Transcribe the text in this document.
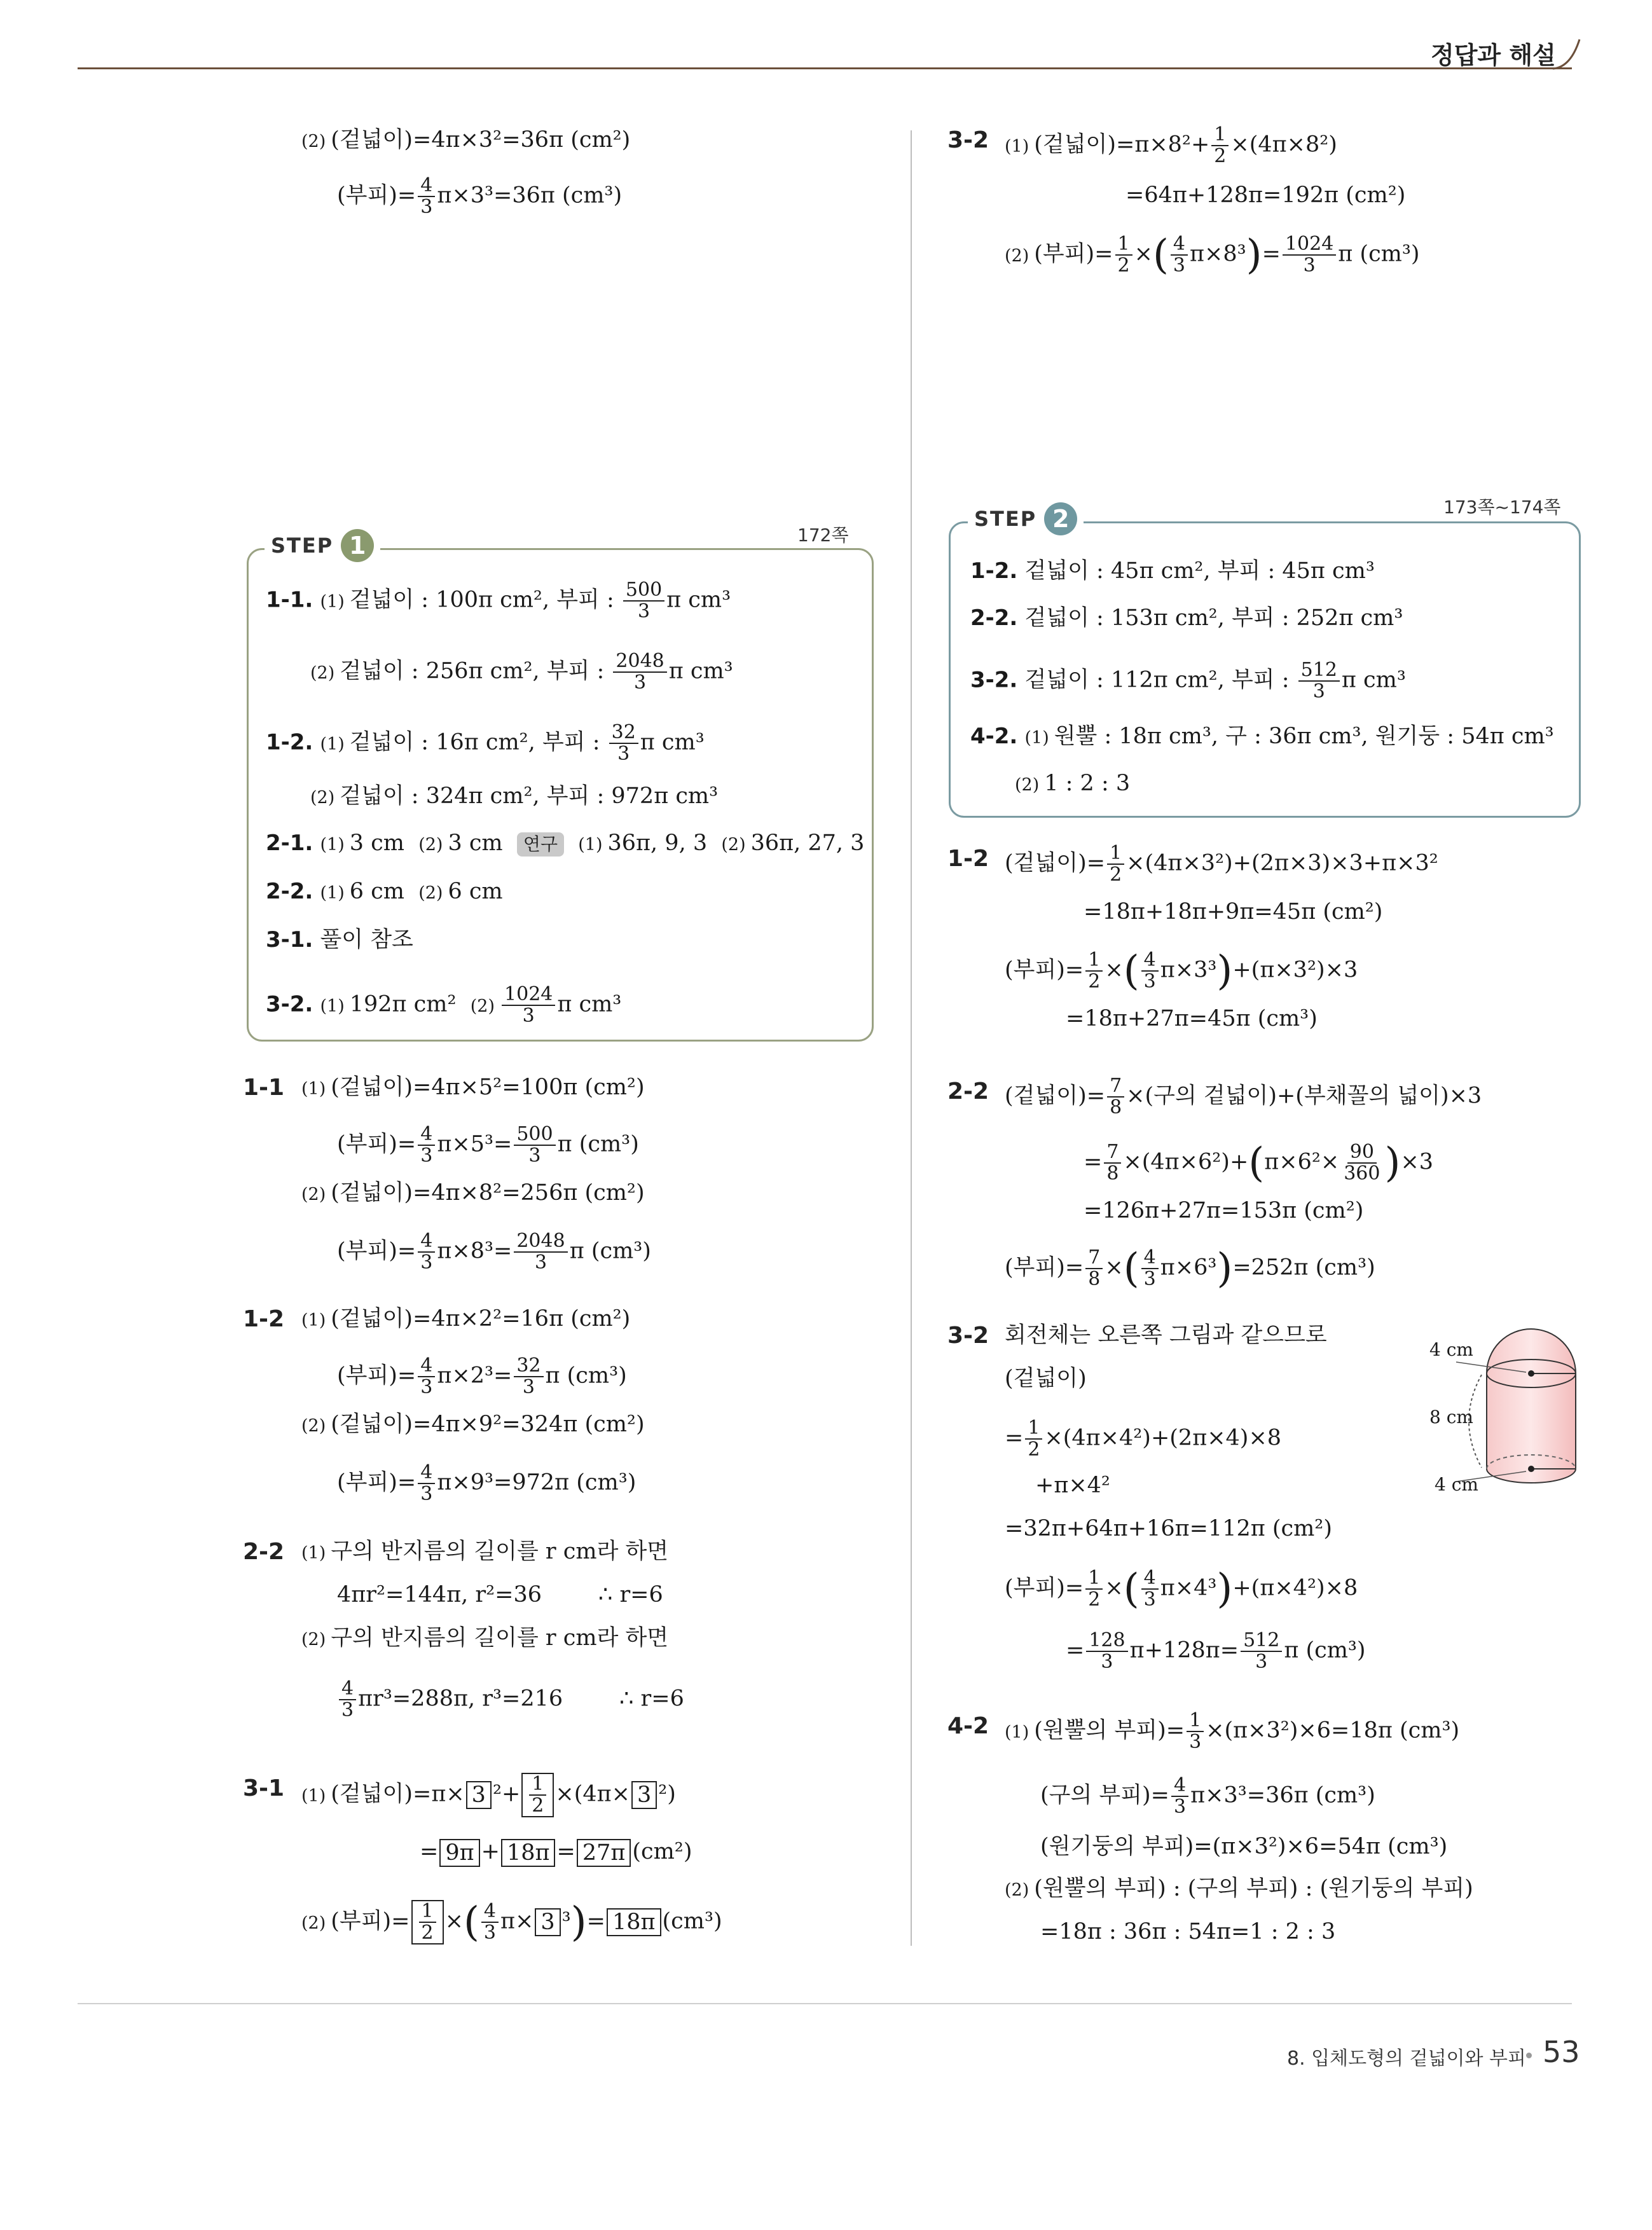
정답과 해설
(2) (겉넓이)=4π×3²=36π (cm²)
(부피)= $\frac{4}{3} \pi\times 3^3=36\pi$ (cm³)
3-2 (1) (겉넓이)$=\pi\times 8^2+ \frac{1}{2} \times(4\pi\times 8^2)$
=64π+128π=192π (cm²)
(2) (부피)= $\frac{1}{2}$ ×( $\frac{4}{3} \pi\times 8^3)= \frac{1024}{3}$ π (cm³)
STEP 1	172쪽
1-1. (1) 겉넓이 : 100π cm², 부피 : $\frac{500}{3}$ π cm³
(2) 겉넓이 : 256π cm², 부피 : $\frac{2048}{3}$ π cm³
1-2. (1) 겉넓이 : 16π cm², 부피 : $\frac{32}{3}$ π cm³
(2) 겉넓이 : 324π cm², 부피 : 972π cm³
2-1. (1) 3 cm (2) 3 cm 연구 (1) 36π, 9, 3 (2) 36π, 27, 3
2-2. (1) 6 cm (2) 6 cm
3-1. 풀이 참조
3-2. (1) 192π cm² $(2) \frac{1024}{3}$ π cm³
STEP 2	173쪽~174쪽
1-2. 겉넓이 : 45π cm², 부피 : 45π cm³
2-2. 겉넓이 : 153π cm², 부피 : 252π cm³
3-2. 겉넓이 : 112π cm², 부피 : $\frac{512}{3}$ π cm³
4-2. (1) 원뿔 : 18π cm³, 구 : 36π cm³, 원기둥 : 54π cm³
(2) 1 : 2 : 3
1-1 (1) (겉넓이)=4π×5²=100π (cm²)
(부피)= $\frac{4}{3} \pi\times 5^3= \frac{500}{3}$ π (cm³)
(2) (겉넓이)=4π×8²=256π (cm²)
(부피)= $\frac{4}{3} \pi\times 8^3= \frac{2048}{3}$ π (cm³)
1-2 (1) (겉넓이)=4π×2²=16π (cm²)
(부피)= $\frac{4}{3} \pi\times 2^3= \frac{32}{3}$ π (cm³)
(2) (겉넓이)=4π×9²=324π (cm²)
(부피)= $\frac{4}{3} \pi\times 9^3=972\pi$ (cm³)
2-2 (1) 구의 반지름의 길이를 r cm라 하면
4πr²=144π, r²=36        ∴ r=6
(2) 구의 반지름의 길이를 r cm라 하면
$\frac{4}{3} \pi r^3=288\pi$, r³=216        ∴ r=6
3-1 (1) (겉넓이)=π× 3 $^2+ \frac{1}{2} \times(4\pi\times 3$ ²)
= 9π + 18π = 27π (cm²)
(2) (부피)= $\frac{1}{2}$ ×( $\frac{4}{3} \pi\times 3$ ³)= 18π (cm³)
1-2 (겉넓이)= $\frac{1}{2} \times(4\pi\times 3^2)+(2\pi\times 3)\times 3+\pi\times 3^2$
=18π+18π+9π=45π (cm²)
(부피)= $\frac{1}{2}$ ×( $\frac{4}{3} \pi\times 3^3)+(\pi\times 3^2)\times 3$
=18π+27π=45π (cm³)
2-2 (겉넓이)= $\frac{7}{8}$ ×(구의 겉넓이)+(부채꼴의 넓이)×3
= $\frac{7}{8} \times(4\pi\times 6^2)+(\pi\times 6^2\times \frac{90}{360} )\times 3$
=126π+27π=153π (cm²)
(부피)= $\frac{7}{8}$ ×( $\frac{4}{3} \pi\times 6^3)=252\pi$ (cm³)
3-2 회전체는 오른쪽 그림과 같으므로
(겉넓이)
= $\frac{1}{2} \times(4\pi\times 4^2)+(2\pi\times 4)\times 8$
+π×4²
=32π+64π+16π=112π (cm²)
(부피)= $\frac{1}{2}$ ×( $\frac{4}{3} \pi\times 4^3)+(\pi\times 4^2)\times 8$
= $\frac{128}{3} \pi+128\pi= \frac{512}{3}$ π (cm³)
4 cm
8 cm
4 cm
4-2 (1) (원뿔의 부피)= $\frac{1}{3} \times(\pi\times 3^2)\times 6=18\pi$ (cm³)
(구의 부피)= $\frac{4}{3} \pi\times 3^3=36\pi$ (cm³)
(원기둥의 부피)=(π×3²)×6=54π (cm³)
(2) (원뿔의 부피) : (구의 부피) : (원기둥의 부피)
=18π : 36π : 54π=1 : 2 : 3
8. 입체도형의 겉넓이와 부피 53
